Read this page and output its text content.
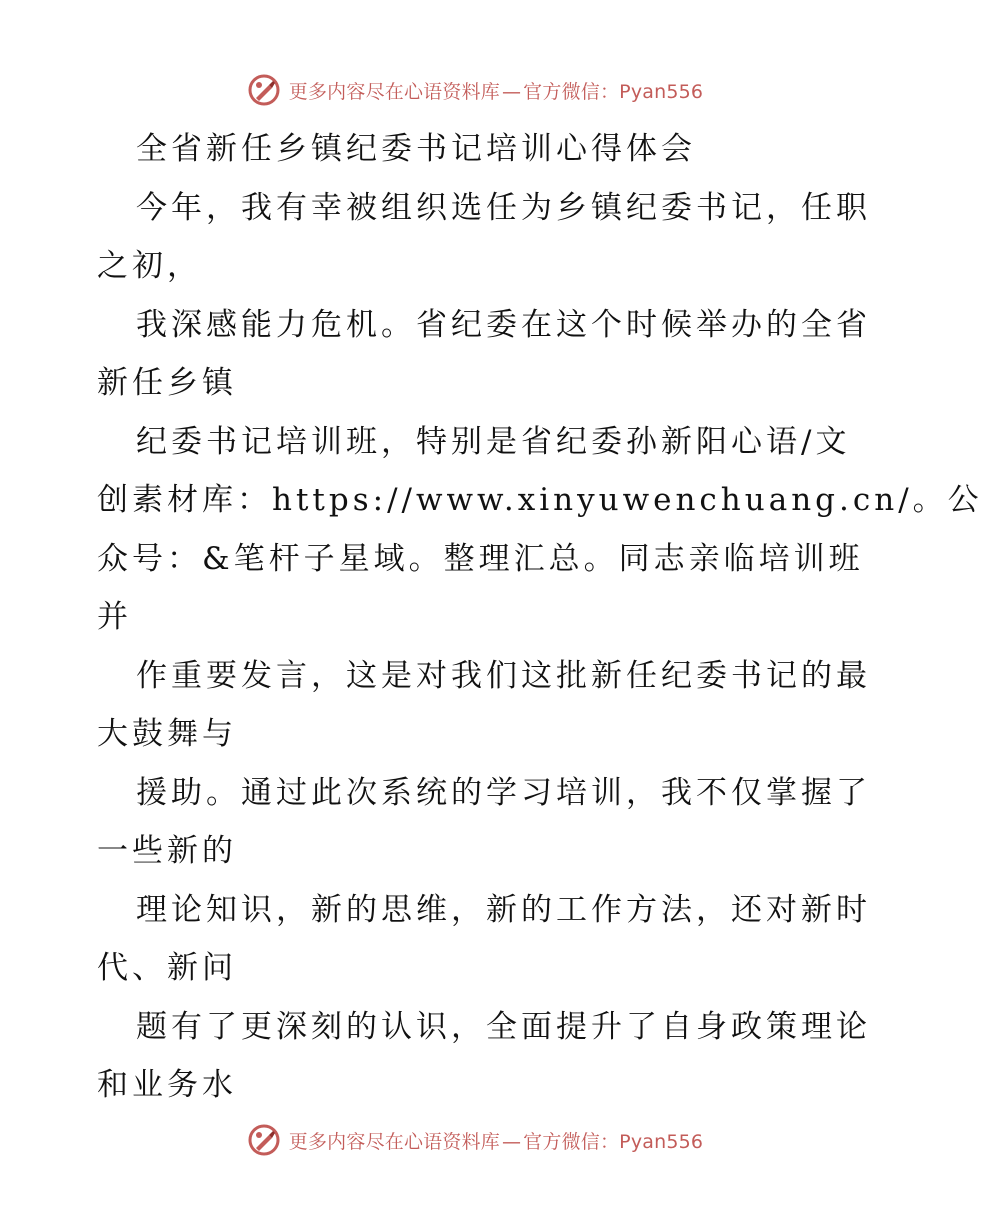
更多内容尽在心语资料库 — 官方微信：Pyan556
全省新任乡镇纪委书记培训心得体会
今年，我有幸被组织选任为乡镇纪委书记，任职
之初，
我深感能力危机。省纪委在这个时候举办的全省
新任乡镇
纪委书记培训班，特别是省纪委孙新阳心语/文
创素材库：https://www.xinyuwenchuang.cn/。公
众号：&笔杆子星域。整理汇总。同志亲临培训班
并
作重要发言，这是对我们这批新任纪委书记的最
大鼓舞与
援助。通过此次系统的学习培训，我不仅掌握了
一些新的
理论知识，新的思维，新的工作方法，还对新时
代、新问
题有了更深刻的认识，全面提升了自身政策理论
和业务水
更多内容尽在心语资料库 — 官方微信：Pyan556
